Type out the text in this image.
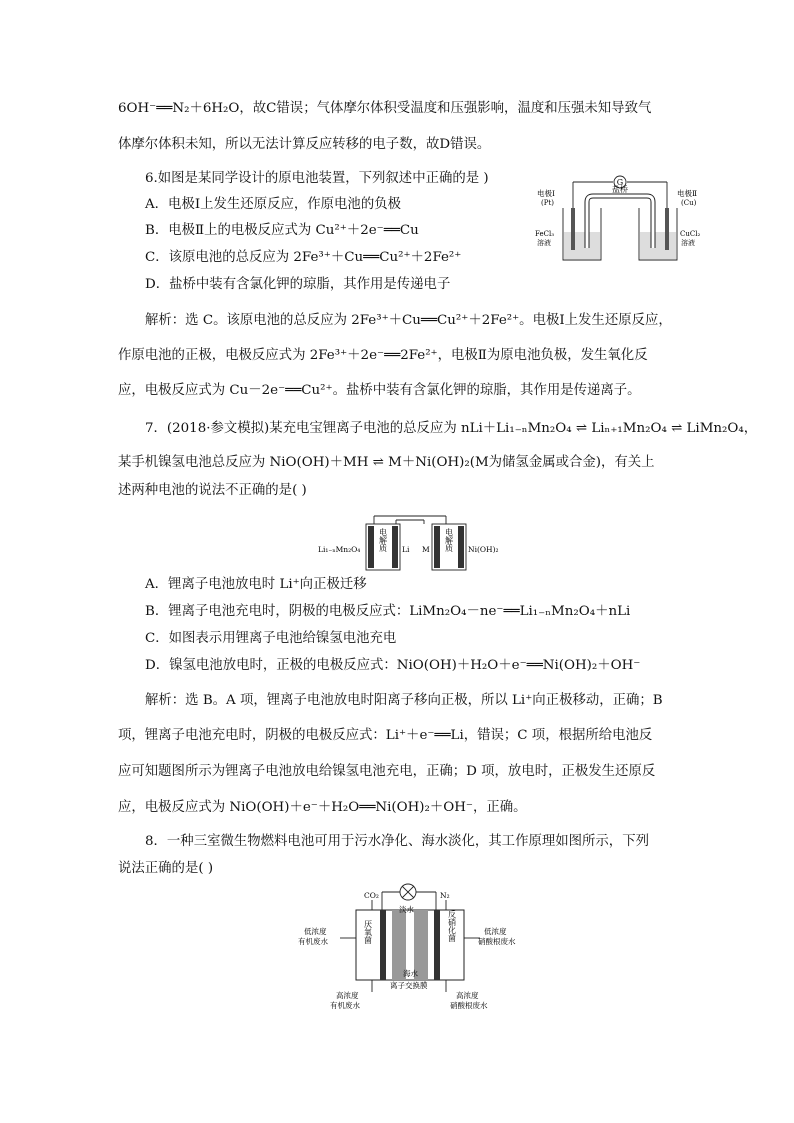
6OH⁻══N₂＋6H₂O，故C错误；气体摩尔体积受温度和压强影响，温度和压强未知导致气
体摩尔体积未知，所以无法计算反应转移的电子数，故D错误。
6.如图是某同学设计的原电池装置，下列叙述中正确的是 )
A．电极Ⅰ上发生还原反应，作原电池的负极
B．电极Ⅱ上的电极反应式为 Cu²⁺＋2e⁻══Cu
C．该原电池的总反应为 2Fe³⁺＋Cu══Cu²⁺＋2Fe²⁺
D．盐桥中装有含氯化钾的琼脂，其作用是传递电子
G
盐桥
电极Ⅰ
(Pt)
电极Ⅱ
(Cu)
FeCl₃
溶液
CuCl₂
溶液
解析：选 C。该原电池的总反应为 2Fe³⁺＋Cu══Cu²⁺＋2Fe²⁺。电极Ⅰ上发生还原反应，
作原电池的正极，电极反应式为 2Fe³⁺＋2e⁻══2Fe²⁺，电极Ⅱ为原电池负极，发生氧化反
应，电极反应式为 Cu－2e⁻══Cu²⁺。盐桥中装有含氯化钾的琼脂，其作用是传递离子。
7．(2018·参文模拟)某充电宝锂离子电池的总反应为 nLi＋Li₁₋ₙMn₂O₄ ⇌ Liₙ₊₁Mn₂O₄ ⇌ LiMn₂O₄，
某手机镍氢电池总反应为 NiO(OH)＋MH ⇌ M＋Ni(OH)₂(M为储氢金属或合金)，有关上
述两种电池的说法不正确的是( )
电解质	电解质
Li₁₋ₙMn₂O₄	Li M	Ni(OH)₂
A．锂离子电池放电时 Li⁺向正极迁移
B．锂离子电池充电时，阴极的电极反应式：LiMn₂O₄－ne⁻══Li₁₋ₙMn₂O₄＋nLi
C．如图表示用锂离子电池给镍氢电池充电
D．镍氢电池放电时，正极的电极反应式：NiO(OH)＋H₂O＋e⁻══Ni(OH)₂＋OH⁻
解析：选 B。A 项，锂离子电池放电时阳离子移向正极，所以 Li⁺向正极移动，正确；B
项，锂离子电池充电时，阴极的电极反应式：Li⁺＋e⁻══Li，错误；C 项，根据所给电池反
应可知题图所示为锂离子电池放电给镍氢电池充电，正确；D 项，放电时，正极发生还原反
应，电极反应式为 NiO(OH)＋e⁻＋H₂O══Ni(OH)₂＋OH⁻，正确。
8．一种三室微生物燃料电池可用于污水净化、海水淡化，其工作原理如图所示，下列
说法正确的是( )
CO₂	N₂
淡水
厌氧菌	反硝化菌
低浓度
有机废水
低浓度
硝酸根废水
海水
离子交换膜
高浓度
有机废水
高浓度
硝酸根废水
